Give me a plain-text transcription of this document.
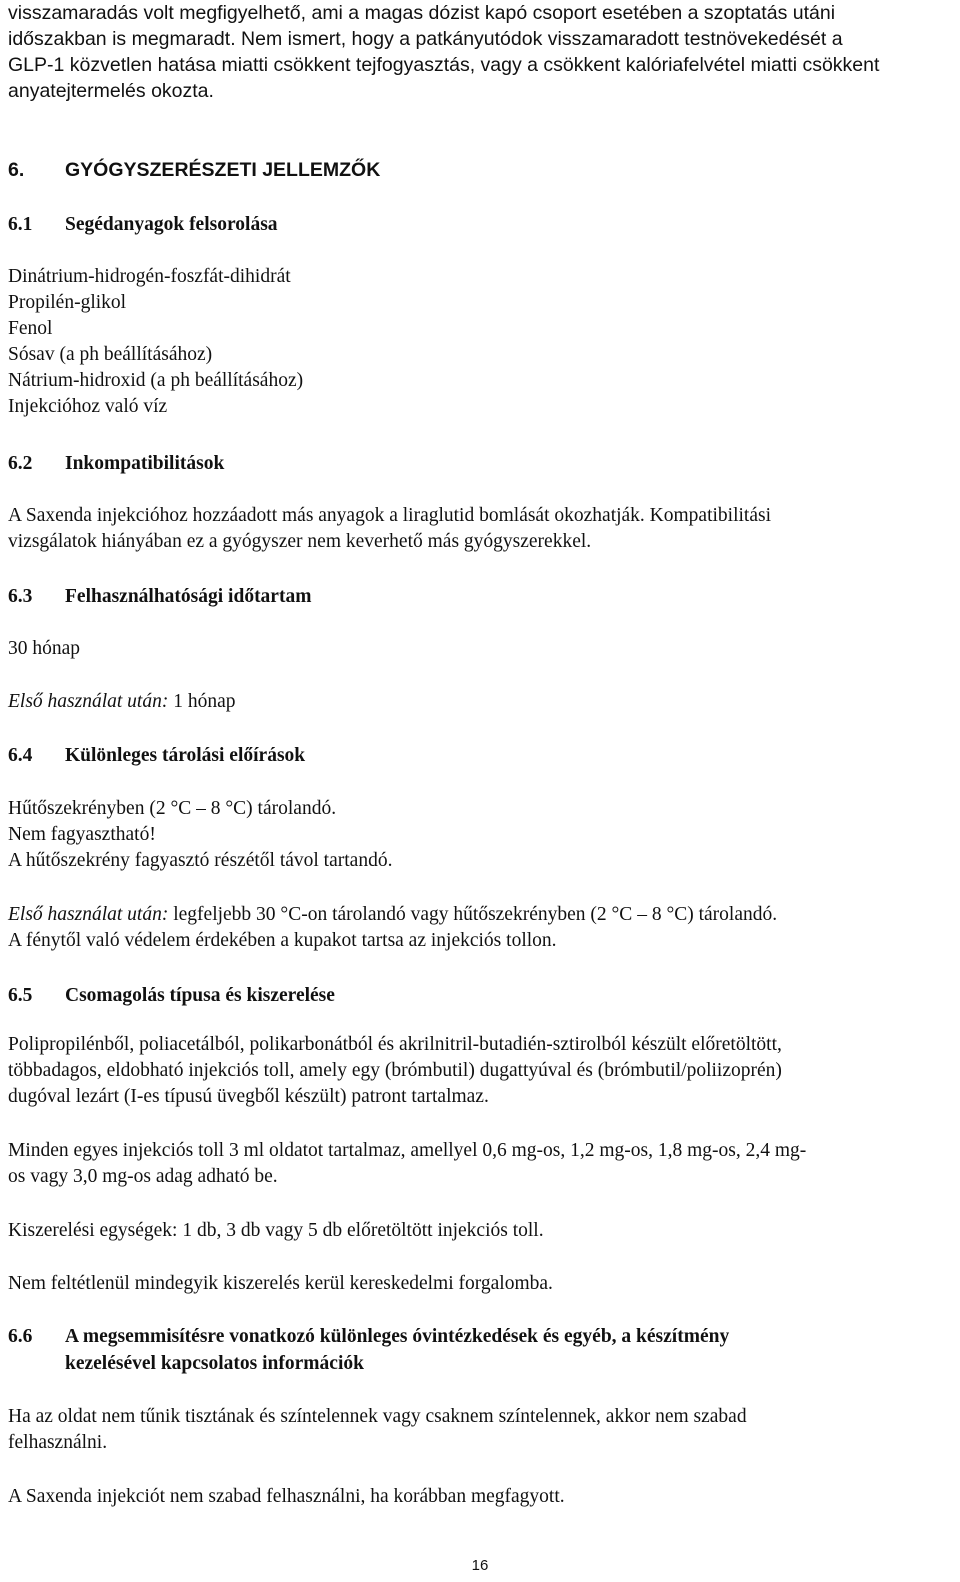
visszamaradás volt megfigyelhető, ami a magas dózist kapó csoport esetében a szoptatás utáni
időszakban is megmaradt. Nem ismert, hogy a patkányutódok visszamaradott testnövekedését a
GLP-1 közvetlen hatása miatti csökkent tejfogyasztás, vagy a csökkent kalóriafelvétel miatti csökkent
anyatejtermelés okozta.

6. GYÓGYSZERÉSZETI JELLEMZŐK

6.1 Segédanyagok felsorolása

Dinátrium-hidrogén-foszfát-dihidrát
Propilén-glikol
Fenol
Sósav (a ph beállításához)
Nátrium-hidroxid (a ph beállításához)
Injekcióhoz való víz

6.2 Inkompatibilitások

A Saxenda injekcióhoz hozzáadott más anyagok a liraglutid bomlását okozhatják. Kompatibilitási
vizsgálatok hiányában ez a gyógyszer nem keverhető más gyógyszerekkel.

6.3 Felhasználhatósági időtartam

30 hónap

Első használat után: 1 hónap

6.4 Különleges tárolási előírások

Hűtőszekrényben (2 °C – 8 °C) tárolandó.
Nem fagyasztható!
A hűtőszekrény fagyasztó részétől távol tartandó.

Első használat után: legfeljebb 30 °C-on tárolandó vagy hűtőszekrényben (2 °C – 8 °C) tárolandó.
A fénytől való védelem érdekében a kupakot tartsa az injekciós tollon.

6.5 Csomagolás típusa és kiszerelése

Polipropilénből, poliacetálból, polikarbonátból és akrilnitril-butadién-sztirolból készült előretöltött,
többadagos, eldobható injekciós toll, amely egy (brómbutil) dugattyúval és (brómbutil/poliizoprén)
dugóval lezárt (I-es típusú üvegből készült) patront tartalmaz.

Minden egyes injekciós toll 3 ml oldatot tartalmaz, amellyel 0,6 mg-os, 1,2 mg-os, 1,8 mg-os, 2,4 mg-
os vagy 3,0 mg-os adag adható be.

Kiszerelési egységek: 1 db, 3 db vagy 5 db előretöltött injekciós toll.

Nem feltétlenül mindegyik kiszerelés kerül kereskedelmi forgalomba.

6.6 A megsemmisítésre vonatkozó különleges óvintézkedések és egyéb, a készítmény
kezelésével kapcsolatos információk

Ha az oldat nem tűnik tisztának és színtelennek vagy csaknem színtelennek, akkor nem szabad
felhasználni.

A Saxenda injekciót nem szabad felhasználni, ha korábban megfagyott.

16
